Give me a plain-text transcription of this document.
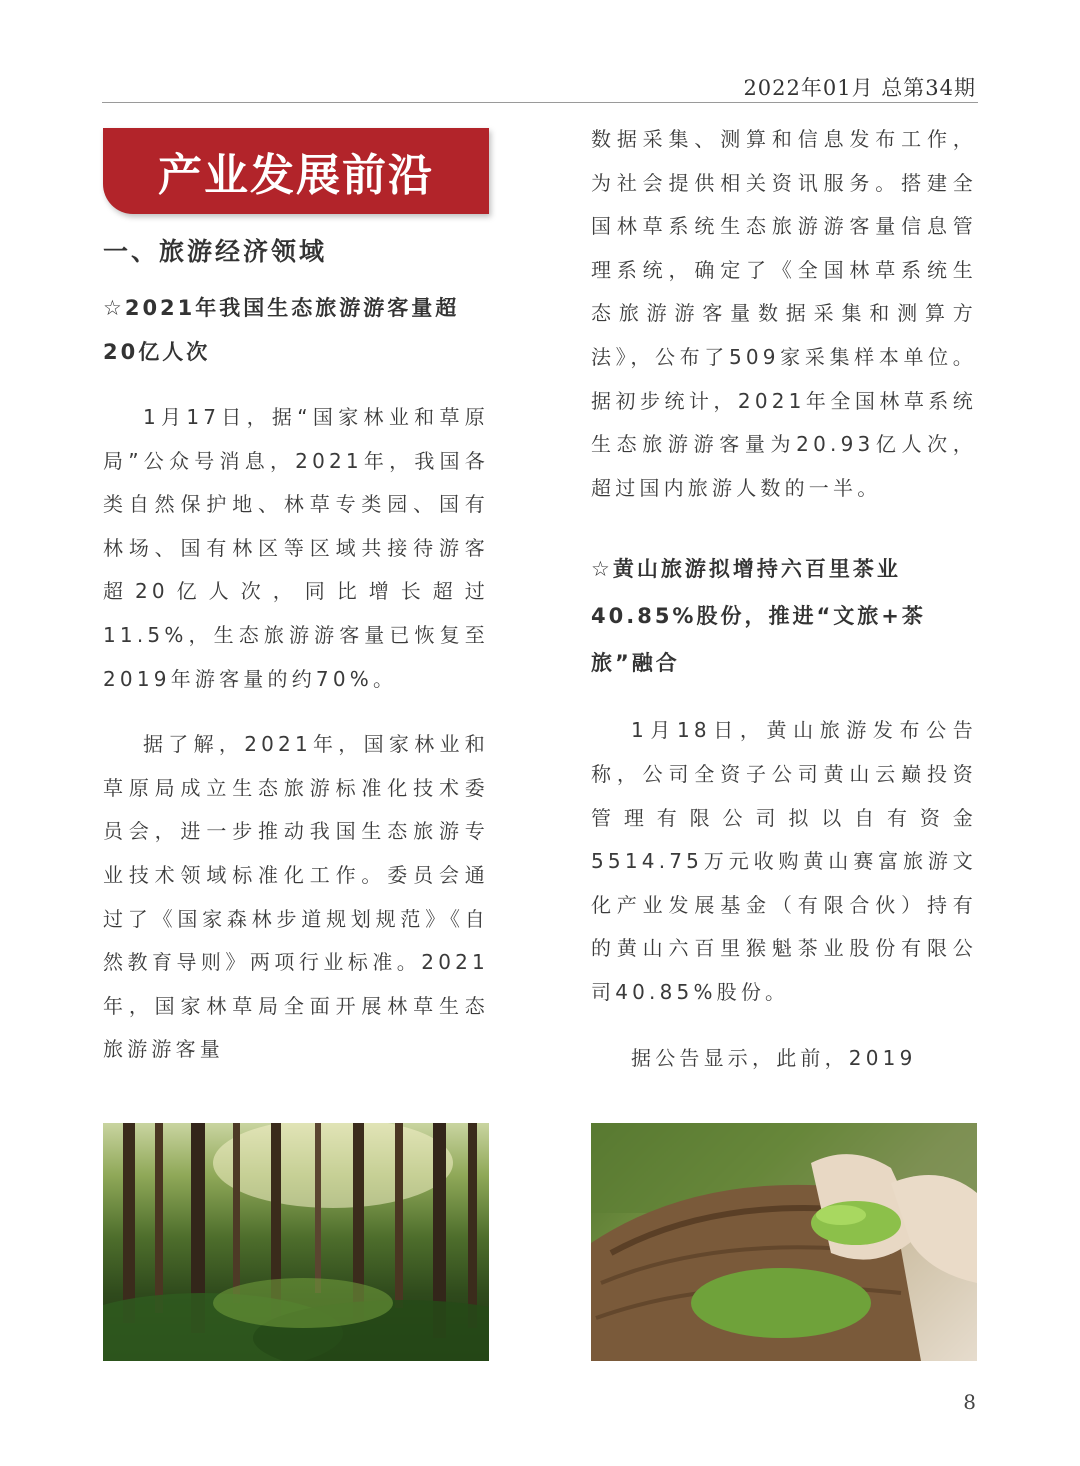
2022年01月 总第34期
产业发展前沿
一、旅游经济领域
☆2021年我国生态旅游游客量超20亿人次
1月17日，据“国家林业和草原局”公众号消息，2021年，我国各类自然保护地、林草专类园、国有林场、国有林区等区域共接待游客超20亿人次，同比增长超过11.5%，生态旅游游客量已恢复至2019年游客量的约70%。
据了解，2021年，国家林业和草原局成立生态旅游标准化技术委员会，进一步推动我国生态旅游专业技术领域标准化工作。委员会通过了《国家森林步道规划规范》《自然教育导则》两项行业标准。2021年，国家林草局全面开展林草生态旅游游客量
数据采集、测算和信息发布工作，为社会提供相关资讯服务。搭建全国林草系统生态旅游游客量信息管理系统，确定了《全国林草系统生态旅游游客量数据采集和测算方法》，公布了509家采集样本单位。据初步统计，2021年全国林草系统生态旅游游客量为20.93亿人次，超过国内旅游人数的一半。
☆黄山旅游拟增持六百里茶业40.85%股份，推进“文旅+茶旅”融合
1月18日，黄山旅游发布公告称，公司全资子公司黄山云巅投资管理有限公司拟以自有资金5514.75万元收购黄山赛富旅游文化产业发展基金（有限合伙）持有的黄山六百里猴魁茶业股份有限公司40.85%股份。
据公告显示，此前，2019
8
